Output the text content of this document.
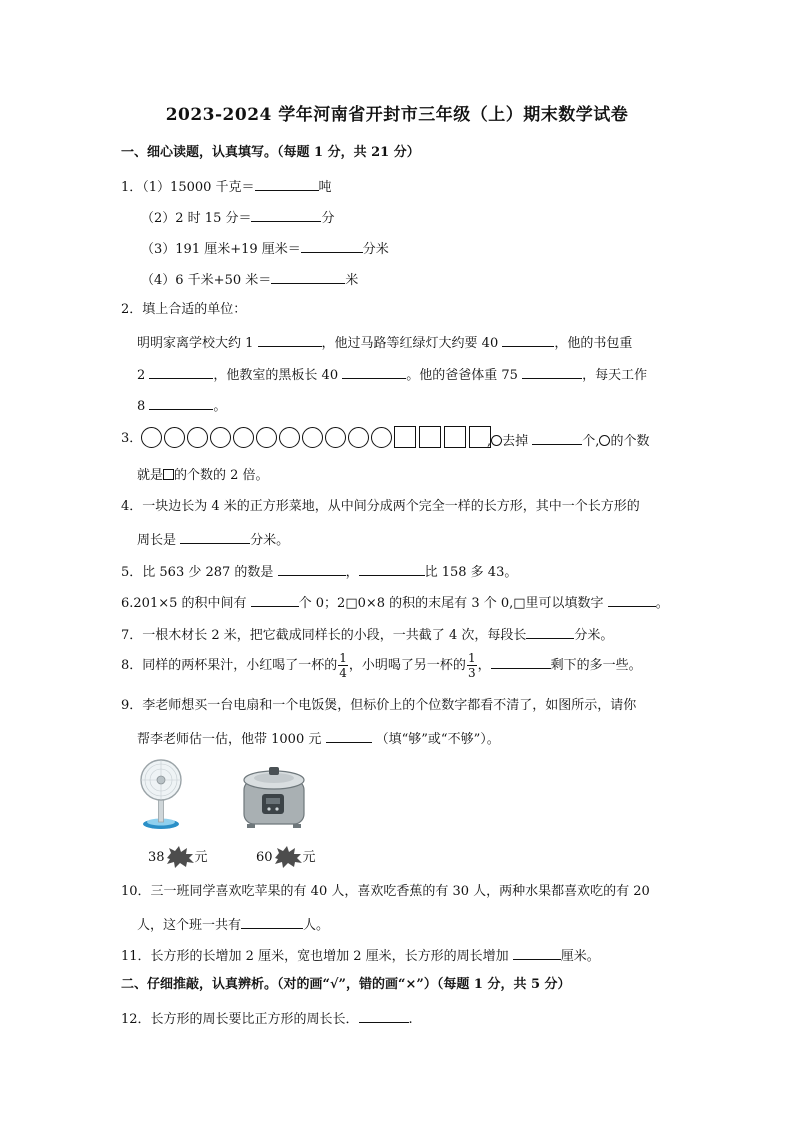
2023-2024 学年河南省开封市三年级（上）期末数学试卷
一、细心读题，认真填写。（每题 1 分，共 21 分）
1．（1）15000 千克＝	吨
（2）2 时 15 分＝	分
（3）191 厘米+19 厘米＝	分米
（4）6 千米+50 米＝	米
2．填上合适的单位：
明明家离学校大约 1	，他过马路等红绿灯大约要 40	，他的书包重
2	，他教室的黑板长 40	。他的爸爸体重 75	，每天工作
8	。
3．	, 去掉	个, 的个数
就是 的个数的 2 倍。
4．一块边长为 4 米的正方形菜地，从中间分成两个完全一样的长方形，其中一个长方形的
周长是	分米。
5．比 563 少 287 的数是	，	比 158 多 43。
6.201×5 的积中间有	个 0；2□0×8 的积的末尾有 3 个 0,□里可以填数字	。
7．一根木材长 2 米，把它截成同样长的小段，一共截了 4 次，每段长	分米。
8．同样的两杯果汁，小红喝了一杯的 $\frac{1}{4}$ ，小明喝了另一杯的 $\frac{1}{3}$ ，	剩下的多一些。
9．李老师想买一台电扇和一个电饭煲，但标价上的个位数字都看不清了，如图所示，请你
帮李老师估一估，他带 1000 元	（填“够”或“不够”）。
38 元	60 元
10．三一班同学喜欢吃苹果的有 40 人，喜欢吃香蕉的有 30 人，两种水果都喜欢吃的有 20
人，这个班一共有	人。
11．长方形的长增加 2 厘米，宽也增加 2 厘米，长方形的周长增加	厘米。
二、仔细推敲，认真辨析。（对的画“√”，错的画“×”）（每题 1 分，共 5 分）
12．长方形的周长要比正方形的周长长．	.
